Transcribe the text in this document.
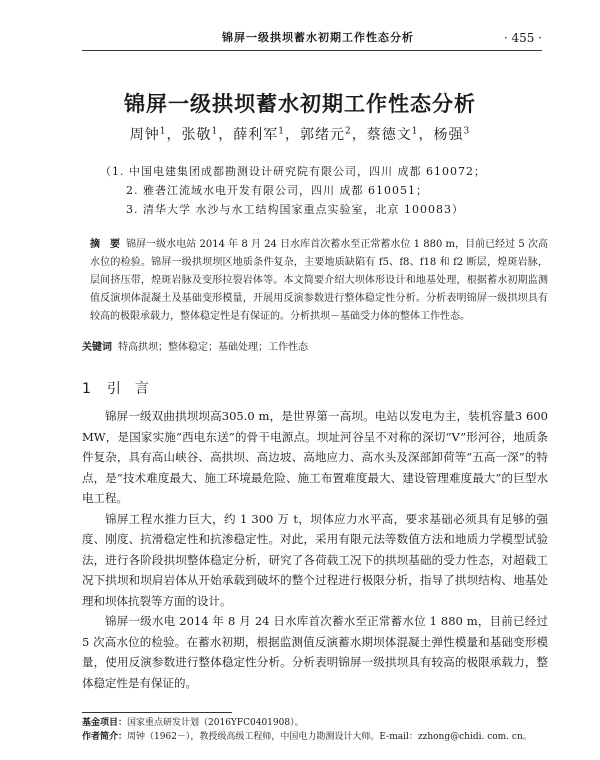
锦屏一级拱坝蓄水初期工作性态分析	· 455 ·
锦屏一级拱坝蓄水初期工作性态分析
周钟$^1$，张敬$^1$，薛利军$^1$，郭绪元$^2$，蔡德文$^1$，杨强$^3$
（1. 中国电建集团成都勘测设计研究院有限公司，四川 成都 610072；
2. 雅砻江流域水电开发有限公司，四川 成都 610051；
3. 清华大学 水沙与水工结构国家重点实验室，北京 100083）
摘　要 锦屏一级水电站 2014 年 8 月 24 日水库首次蓄水至正常蓄水位 1 880 m，目前已经过 5 次高水位的检验。锦屏一级拱坝坝区地质条件复杂，主要地质缺陷有 f5、f8、f18 和 f2 断层，煌斑岩脉，层间挤压带，煌斑岩脉及变形拉裂岩体等。本文简要介绍大坝体形设计和地基处理，根据蓄水初期监测值反演坝体混凝土及基础变形模量，开展用反演参数进行整体稳定性分析。分析表明锦屏一级拱坝具有较高的极限承载力，整体稳定性是有保证的。分析拱坝－基础受力体的整体工作性态。
关键词 特高拱坝；整体稳定；基础处理；工作性态
1 引　言

锦屏一级双曲拱坝坝高305.0 m，是世界第一高坝。电站以发电为主，装机容量3 600 MW，是国家实施“西电东送”的骨干电源点。坝址河谷呈不对称的深切“V”形河谷，地质条件复杂，具有高山峡谷、高拱坝、高边坡、高地应力、高水头及深部卸荷等“五高一深”的特点，是“技术难度最大、施工环境最危险、施工布置难度最大、建设管理难度最大”的巨型水电工程。

锦屏工程水推力巨大，约 1 300 万 t，坝体应力水平高，要求基础必须具有足够的强度、刚度、抗滑稳定性和抗渗稳定性。对此，采用有限元法等数值方法和地质力学模型试验法，进行各阶段拱坝整体稳定分析，研究了各荷载工况下的拱坝基础的受力性态，对超载工况下拱坝和坝肩岩体从开始承载到破坏的整个过程进行极限分析，指导了拱坝结构、地基处理和坝体抗裂等方面的设计。

锦屏一级水电 2014 年 8 月 24 日水库首次蓄水至正常蓄水位 1 880 m，目前已经过 5 次高水位的检验。在蓄水初期，根据监测值反演蓄水期坝体混凝土弹性模量和基础变形模量，使用反演参数进行整体稳定性分析。分析表明锦屏一级拱坝具有较高的极限承载力，整体稳定性是有保证的。

基金项目：国家重点研发计划（2016YFC0401908）。
作者简介：周钟（1962－），教授级高级工程师，中国电力勘测设计大师。E-mail：zzhong@chidi. com. cn。
